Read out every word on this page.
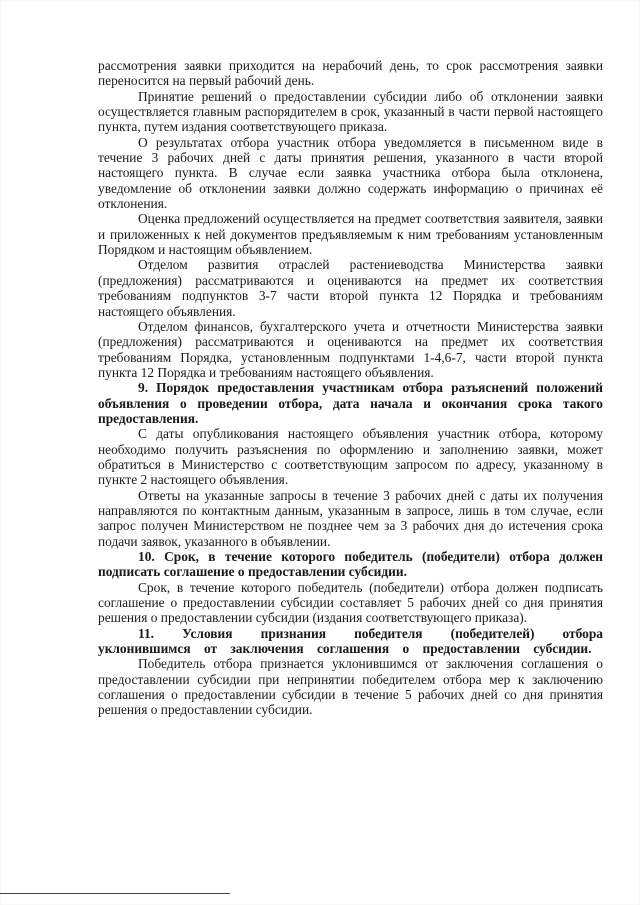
рассмотрения заявки приходится на нерабочий день, то срок рассмотрения заявки переносится на первый рабочий день.

Принятие решений о предоставлении субсидии либо об отклонении заявки осуществляется главным распорядителем в срок, указанный в части первой настоящего пункта, путем издания соответствующего приказа.

О результатах отбора участник отбора уведомляется в письменном виде в течение 3 рабочих дней с даты принятия решения, указанного в части второй настоящего пункта. В случае если заявка участника отбора была отклонена, уведомление об отклонении заявки должно содержать информацию о причинах её отклонения.

Оценка предложений осуществляется на предмет соответствия заявителя, заявки и приложенных к ней документов предъявляемым к ним требованиям установленным Порядком и настоящим объявлением.

Отделом развития отраслей растениеводства Министерства заявки (предложения) рассматриваются и оцениваются на предмет их соответствия требованиям подпунктов 3-7 части второй пункта 12 Порядка и требованиям настоящего объявления.

Отделом финансов, бухгалтерского учета и отчетности Министерства заявки (предложения) рассматриваются и оцениваются на предмет их соответствия требованиям Порядка, установленным подпунктами 1-4,6-7, части второй пункта пункта 12 Порядка и требованиям настоящего объявления.

9. Порядок предоставления участникам отбора разъяснений положений объявления о проведении отбора, дата начала и окончания срока такого предоставления.

С даты опубликования настоящего объявления участник отбора, которому необходимо получить разъяснения по оформлению и заполнению заявки, может обратиться в Министерство с соответствующим запросом по адресу, указанному в пункте 2 настоящего объявления.

Ответы на указанные запросы в течение 3 рабочих дней с даты их получения направляются по контактным данным, указанным в запросе, лишь в том случае, если запрос получен Министерством не позднее чем за 3 рабочих дня до истечения срока подачи заявок, указанного в объявлении.

10. Срок, в течение которого победитель (победители) отбора должен подписать соглашение о предоставлении субсидии.

Срок, в течение которого победитель (победители) отбора должен подписать соглашение о предоставлении субсидии составляет 5 рабочих дней со дня принятия решения о предоставлении субсидии (издания соответствующего приказа).

11. Условия признания победителя (победителей) отбора уклонившимся от заключения соглашения о предоставлении субсидии.

Победитель отбора признается уклонившимся от заключения соглашения о предоставлении субсидии при непринятии победителем отбора мер к заключению соглашения о предоставлении субсидии в течение 5 рабочих дней со дня принятия решения о предоставлении субсидии.
